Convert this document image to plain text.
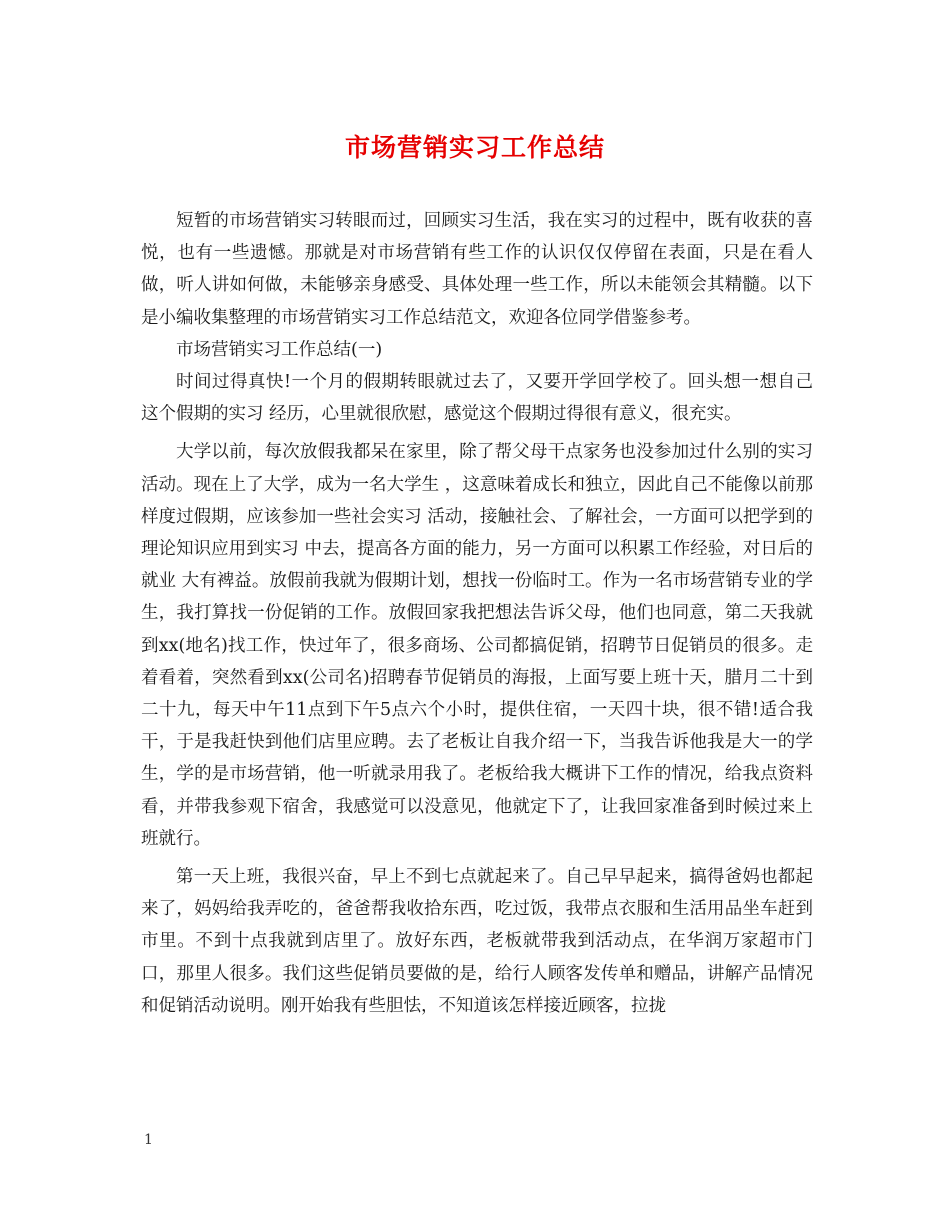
市场营销实习工作总结

短暂的市场营销实习转眼而过，回顾实习生活，我在实习的过程中，既有收获的喜悦，也有一些遗憾。那就是对市场营销有些工作的认识仅仅停留在表面，只是在看人做，听人讲如何做，未能够亲身感受、具体处理一些工作，所以未能领会其精髓。以下是小编收集整理的市场营销实习工作总结范文，欢迎各位同学借鉴参考。

市场营销实习工作总结(一)

时间过得真快!一个月的假期转眼就过去了，又要开学回学校了。回头想一想自己这个假期的实习 经历，心里就很欣慰，感觉这个假期过得很有意义，很充实。

大学以前，每次放假我都呆在家里，除了帮父母干点家务也没参加过什么别的实习 活动。现在上了大学，成为一名大学生 ，这意味着成长和独立，因此自己不能像以前那样度过假期，应该参加一些社会实习 活动，接触社会、了解社会，一方面可以把学到的理论知识应用到实习 中去，提高各方面的能力，另一方面可以积累工作经验，对日后的就业 大有裨益。放假前我就为假期计划，想找一份临时工。作为一名市场营销专业的学生，我打算找一份促销的工作。放假回家我把想法告诉父母，他们也同意，第二天我就到xx(地名)找工作，快过年了，很多商场、公司都搞促销，招聘节日促销员的很多。走着看着，突然看到xx(公司名)招聘春节促销员的海报，上面写要上班十天，腊月二十到二十九，每天中午11点到下午5点六个小时，提供住宿，一天四十块，很不错!适合我干，于是我赶快到他们店里应聘。去了老板让自我介绍一下，当我告诉他我是大一的学生，学的是市场营销，他一听就录用我了。老板给我大概讲下工作的情况，给我点资料看，并带我参观下宿舍，我感觉可以没意见，他就定下了，让我回家准备到时候过来上班就行。

第一天上班，我很兴奋，早上不到七点就起来了。自己早早起来，搞得爸妈也都起来了，妈妈给我弄吃的，爸爸帮我收拾东西，吃过饭，我带点衣服和生活用品坐车赶到市里。不到十点我就到店里了。放好东西，老板就带我到活动点，在华润万家超市门口，那里人很多。我们这些促销员要做的是，给行人顾客发传单和赠品，讲解产品情况和促销活动说明。刚开始我有些胆怯，不知道该怎样接近顾客，拉拢

1
